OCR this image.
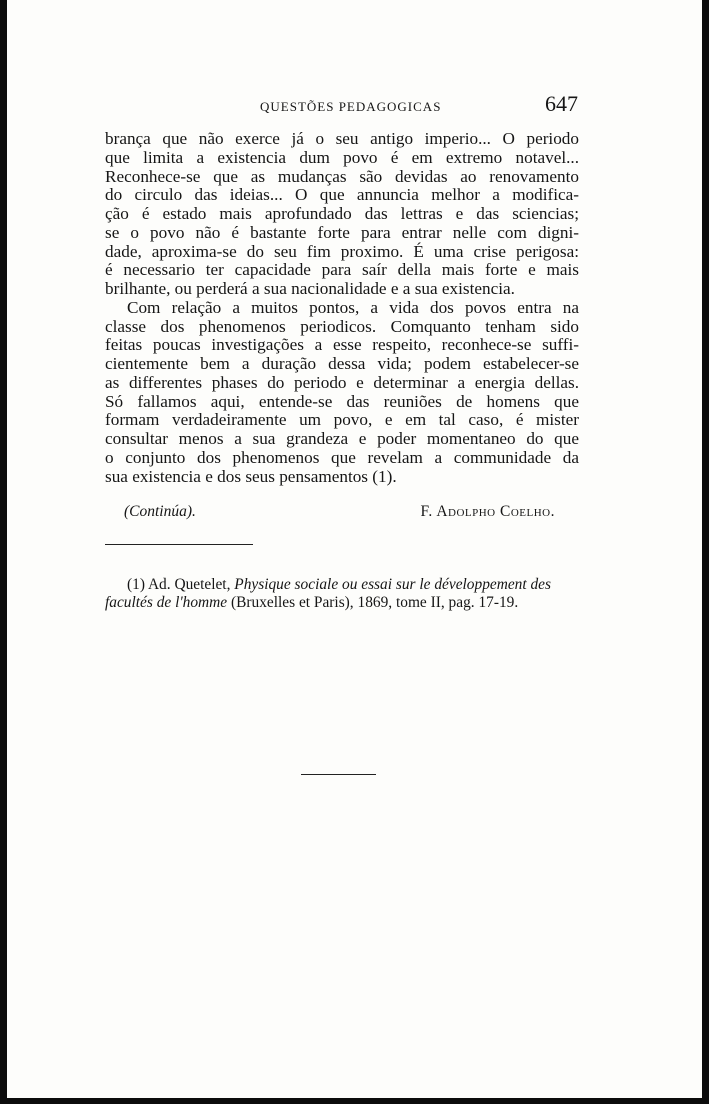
QUESTÕES PEDAGOGICAS	647
brança que não exerce já o seu antigo imperio... O periodo
que limita a existencia dum povo é em extremo notavel...
Reconhece-se que as mudanças são devidas ao renovamento
do circulo das ideias... O que annuncia melhor a modifica-
ção é estado mais aprofundado das lettras e das sciencias;
se o povo não é bastante forte para entrar nelle com digni-
dade, aproxima-se do seu fim proximo. É uma crise perigosa:
é necessario ter capacidade para saír della mais forte e mais
brilhante, ou perderá a sua nacionalidade e a sua existencia.
Com relação a muitos pontos, a vida dos povos entra na
classe dos phenomenos periodicos. Comquanto tenham sido
feitas poucas investigações a esse respeito, reconhece-se suffi-
cientemente bem a duração dessa vida; podem estabelecer-se
as differentes phases do periodo e determinar a energia dellas.
Só fallamos aqui, entende-se das reuniões de homens que
formam verdadeiramente um povo, e em tal caso, é mister
consultar menos a sua grandeza e poder momentaneo do que
o conjunto dos phenomenos que revelam a communidade da
sua existencia e dos seus pensamentos (1).
(Continúa).	F. Adolpho Coelho.
(1) Ad. Quetelet, Physique sociale ou essai sur le développement des
facultés de l'homme (Bruxelles et Paris), 1869, tome II, pag. 17-19.
